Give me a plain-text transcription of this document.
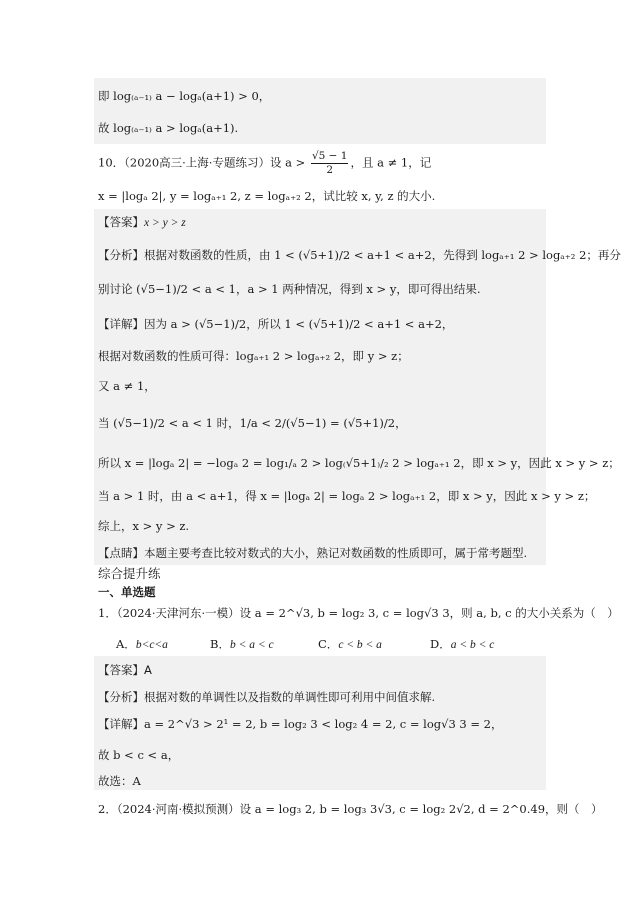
即 log₍ₐ₋₁₎ a − logₐ(a+1) > 0，
故 log₍ₐ₋₁₎ a > logₐ(a+1).
10．（2020高三·上海·专题练习）设 $a > \frac{√5 - 1}{2}$ ，且 a ≠ 1，记
x = |logₐ 2|, y = logₐ₊₁ 2, z = logₐ₊₂ 2，试比较 x, y, z 的大小.
【答案】x > y > z
【分析】根据对数函数的性质，由 1 < (√5+1)/2 < a+1 < a+2，先得到 logₐ₊₁ 2 > logₐ₊₂ 2；再分
别讨论 (√5−1)/2 < a < 1，a > 1 两种情况，得到 x > y，即可得出结果.
【详解】因为 a > (√5−1)/2，所以 1 < (√5+1)/2 < a+1 < a+2，
根据对数函数的性质可得：logₐ₊₁ 2 > logₐ₊₂ 2，即 y > z；
又 a ≠ 1，
当 (√5−1)/2 < a < 1 时，1/a < 2/(√5−1) = (√5+1)/2，
所以 x = |logₐ 2| = −logₐ 2 = log₁/ₐ 2 > log₍√5+1₎/₂ 2 > logₐ₊₁ 2，即 x > y，因此 x > y > z；
当 a > 1 时，由 a < a+1，得 x = |logₐ 2| = logₐ 2 > logₐ₊₁ 2，即 x > y，因此 x > y > z；
综上，x > y > z.
【点睛】本题主要考查比较对数式的大小，熟记对数函数的性质即可，属于常考题型.
综合提升练
一、单选题
1．（2024·天津河东·一模）设 a = 2^√3, b = log₂ 3, c = log√3 3，则 a, b, c 的大小关系为（　）
A．b<c<a	B．b < a < c	C．c < b < a	D．a < b < c
【答案】A
【分析】根据对数的单调性以及指数的单调性即可利用中间值求解.
【详解】a = 2^√3 > 2¹ = 2, b = log₂ 3 < log₂ 4 = 2, c = log√3 3 = 2，
故 b < c < a，
故选：A
2．（2024·河南·模拟预测）设 a = log₃ 2, b = log₃ 3√3, c = log₂ 2√2, d = 2^0.49，则（　）
